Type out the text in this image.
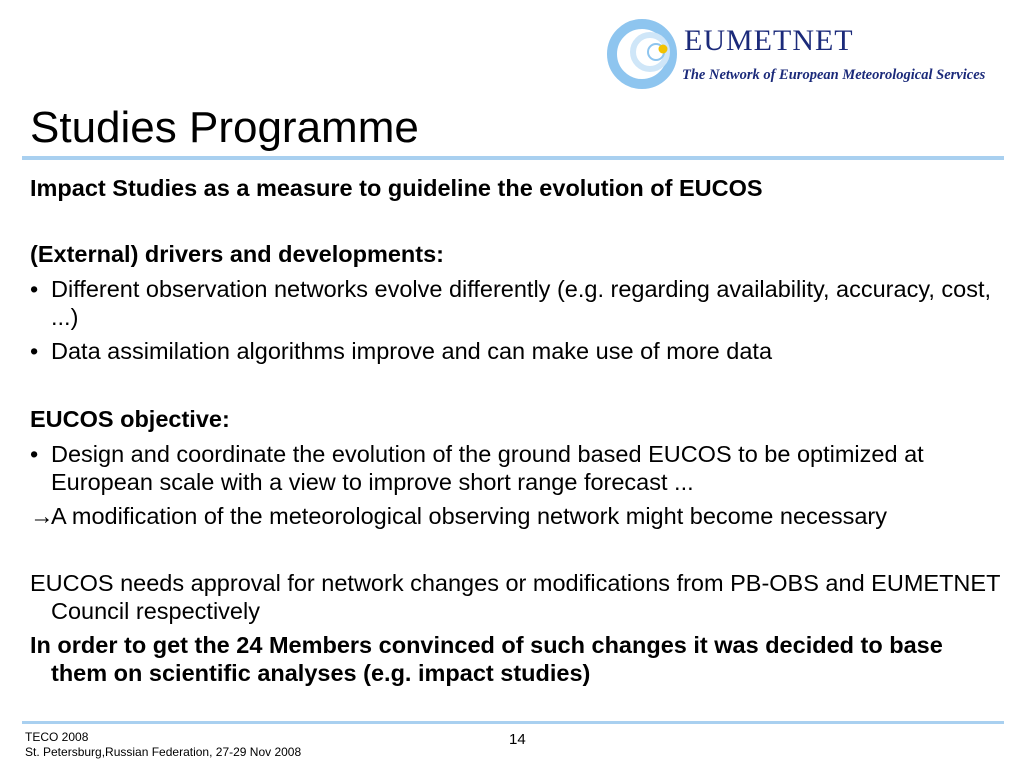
EUMETNET
The Network of European Meteorological Services
Studies Programme

Impact Studies as a measure to guideline the evolution of EUCOS

(External) drivers and developments:

• Different observation networks evolve differently (e.g. regarding availability, accuracy, cost, ...)
• Data assimilation algorithms improve and can make use of more data

EUCOS objective:

• Design and coordinate the evolution of the ground based EUCOS to be optimized at European scale with a view to improve short range forecast ...
→
A modification of the meteorological observing network might become necessary

EUCOS needs approval for network changes or modifications from PB-OBS and EUMETNET Council respectively

In order to get the 24 Members convinced of such changes it was decided to base them on scientific analyses (e.g. impact studies)

TECO 2008
St. Petersburg,Russian Federation, 27-29 Nov 2008
14
